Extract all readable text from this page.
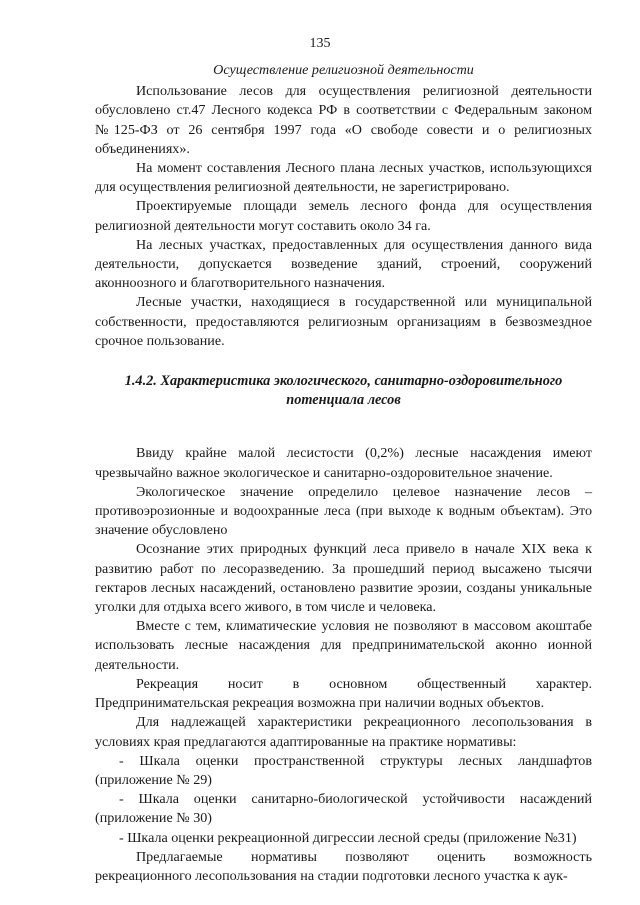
135

Осуществление религиозной деятельности

Использование лесов для осуществления религиозной деятельности обусловлено ст.47 Лесного кодекса РФ в соответствии с Федеральным законом №125-ФЗ от 26 сентября 1997 года «О свободе совести и о религиозных объединениях».

На момент составления Лесного плана лесных участков, использующихся для осуществления религиозной деятельности, не зарегистрировано.

Проектируемые площади земель лесного фонда для осуществления религиозной деятельности могут составить около 34 га.

На лесных участках, предоставленных для осуществления данного вида деятельности, допускается возведение зданий, строений, сооружений аконноозного и благотворительного назначения.

Лесные участки, находящиеся в государственной или муниципальной собственности, предоставляются религиозным организациям в безвозмездное срочное пользование.

1.4.2. Характеристика экологического, санитарно-оздоровительного
потенциала лесов

Ввиду крайне малой лесистости (0,2%) лесные насаждения имеют чрезвычайно важное экологическое и санитарно-оздоровительное значение.

Экологическое значение определило целевое назначение лесов – противоэрозионные и водоохранные леса (при выходе к водным объектам). Это значение обусловлено

Осознание этих природных функций леса привело в начале XIX века к развитию работ по лесоразведению. За прошедший период высажено тысячи гектаров лесных насаждений, остановлено развитие эрозии, созданы уникальные уголки для отдыха всего живого, в том числе и человека.

Вместе с тем, климатические условия не позволяют в массовом акоштабе использовать лесные насаждения для предпринимательской аконно ионной деятельности.

Рекреация носит в основном общественный характер. Предпринимательская рекреация возможна при наличии водных объектов.

Для надлежащей характеристики рекреационного лесопользования в условиях края предлагаются адаптированные на практике нормативы:

- Шкала оценки пространственной структуры лесных ландшафтов (приложение № 29)

- Шкала оценки санитарно-биологической устойчивости насаждений (приложение № 30)

- Шкала оценки рекреационной дигрессии лесной среды (приложение №31)

Предлагаемые нормативы позволяют оценить возможность рекреационного лесопользования на стадии подготовки лесного участка к аук-
